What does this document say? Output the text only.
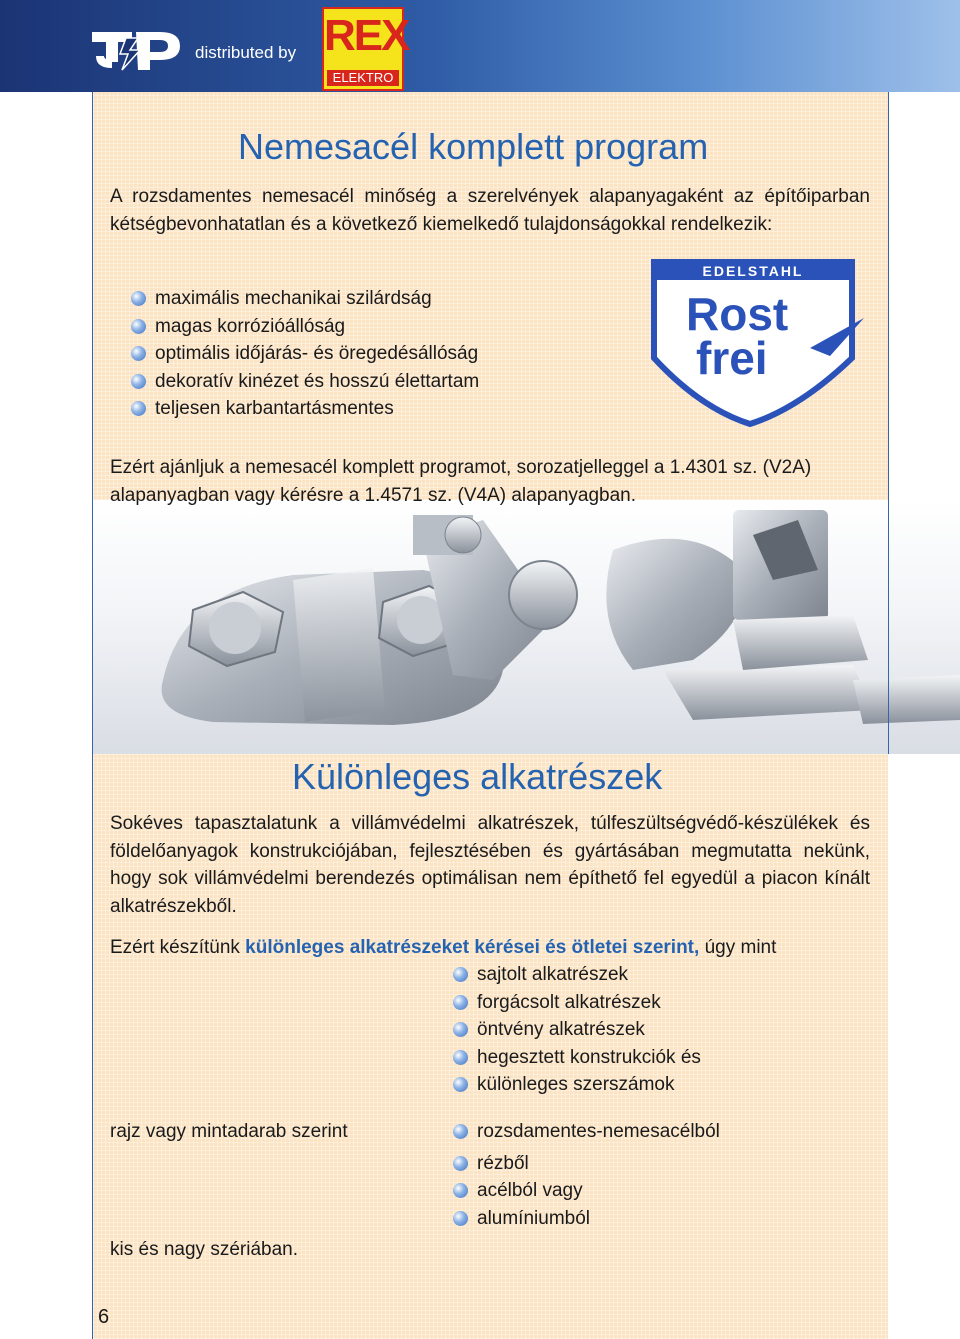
distributed by REX
ELEKTRO
Nemesacél komplett program

A rozsdamentes nemesacél minőség a szerelvények alapanyagaként az építőiparban kétségbevonhatatlan és a következő kiemelkedő tulajdonságokkal rendelkezik:

maximális mechanikai szilárdság
magas korrózióállóság
optimális időjárás- és öregedésállóság
dekoratív kinézet és hosszú élettartam
teljesen karbantartásmentes
EDELSTAHL
Rost
frei

Ezért ajánljuk a nemesacél komplett programot, sorozatjelleggel a 1.4301 sz. (V2A) alapanyagban vagy kérésre a 1.4571 sz. (V4A) alapanyagban.

Különleges alkatrészek

Sokéves tapasztalatunk a villámvédelmi alkatrészek, túlfeszültségvédő-készülékek és földelőanyagok konstrukciójában, fejlesztésében és gyártásában megmutatta nekünk, hogy sok villámvédelmi berendezés optimálisan nem építhető fel egyedül a piacon kínált alkatrészekből.

Ezért készítünk különleges alkatrészeket kérései és ötletei szerint, úgy mint

sajtolt alkatrészek
forgácsolt alkatrészek
öntvény alkatrészek
hegesztett konstrukciók és
különleges szerszámok
rajz vagy mintadarab szerint	rozsdamentes-nemesacélból
rézből
acélból vagy
alumíniumból
kis és nagy szériában.
6
